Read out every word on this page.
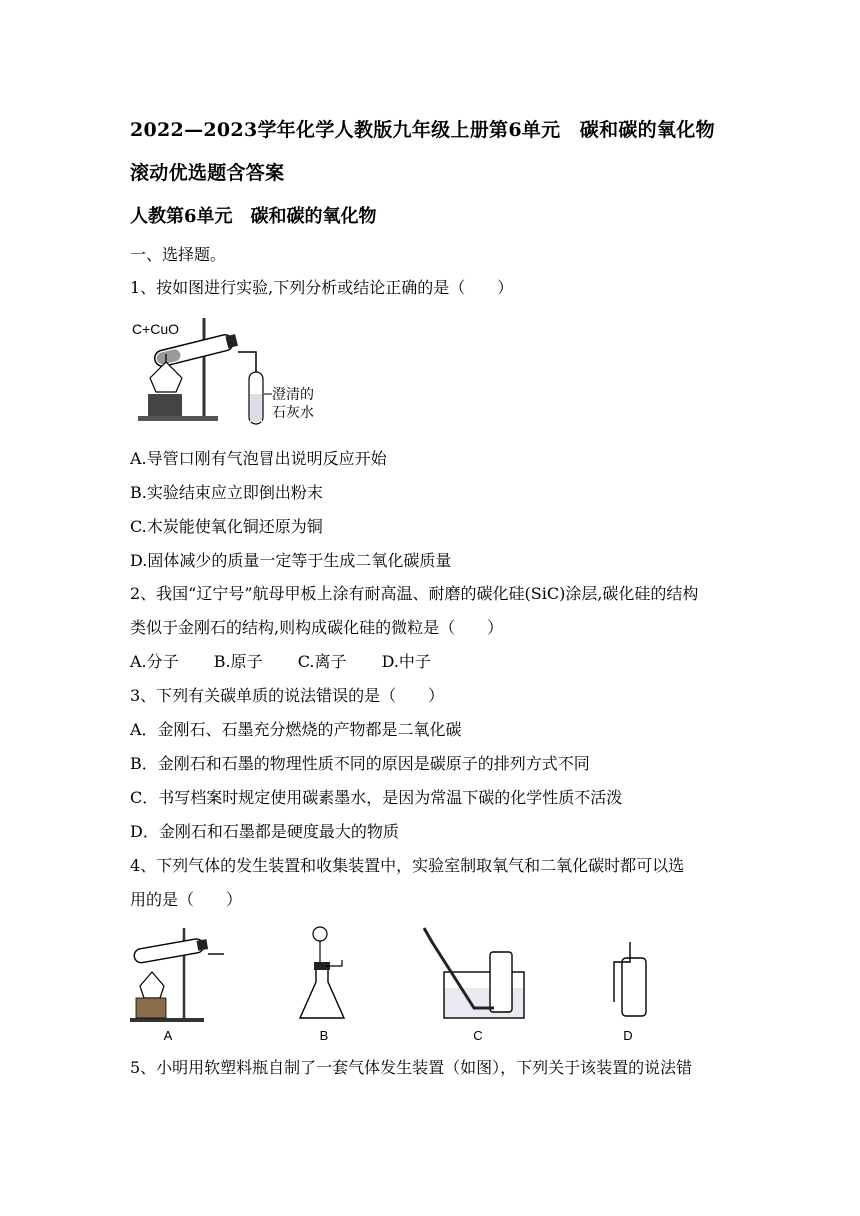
2022—2023学年化学人教版九年级上册第6单元　碳和碳的氧化物
滚动优选题含答案
人教第6单元　碳和碳的氧化物
一、选择题。
1、按如图进行实验,下列分析或结论正确的是（　　）
C+CuO
澄清的
石灰水
A.导管口刚有气泡冒出说明反应开始
B.实验结束应立即倒出粉末
C.木炭能使氧化铜还原为铜
D.固体减少的质量一定等于生成二氧化碳质量
2、我国“辽宁号”航母甲板上涂有耐高温、耐磨的碳化硅(SiC)涂层,碳化硅的结构
类似于金刚石的结构,则构成碳化硅的微粒是（　　）
A.分子 B.原子 C.离子 D.中子
3、下列有关碳单质的说法错误的是（　　）
A．金刚石、石墨充分燃烧的产物都是二氧化碳
B．金刚石和石墨的物理性质不同的原因是碳原子的排列方式不同
C．书写档案时规定使用碳素墨水，是因为常温下碳的化学性质不活泼
D．金刚石和石墨都是硬度最大的物质
4、下列气体的发生装置和收集装置中，实验室制取氧气和二氧化碳时都可以选
用的是（　　）
A	B	C	D
5、小明用软塑料瓶自制了一套气体发生装置（如图），下列关于该装置的说法错
